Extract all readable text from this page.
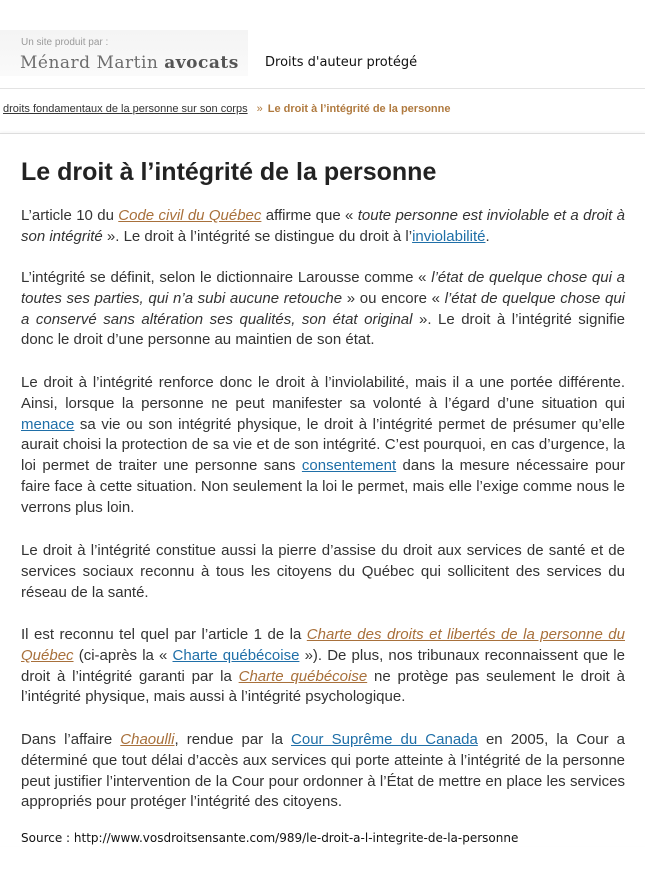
Un site produit par :
Ménard Martin avocats Droits d'auteur protégé
droits fondamentaux de la personne sur son corps » Le droit à l’intégrité de la personne
Le droit à l’intégrité de la personne

L’article 10 du Code civil du Québec affirme que « toute personne est inviolable et a droit à son intégrité ». Le droit à l’intégrité se distingue du droit à l’inviolabilité.

L’intégrité se définit, selon le dictionnaire Larousse comme « l’état de quelque chose qui a toutes ses parties, qui n’a subi aucune retouche » ou encore « l’état de quelque chose qui a conservé sans altération ses qualités, son état original ». Le droit à l’intégrité signifie donc le droit d’une personne au maintien de son état.

Le droit à l’intégrité renforce donc le droit à l’inviolabilité, mais il a une portée différente. Ainsi, lorsque la personne ne peut manifester sa volonté à l’égard d’une situation qui menace sa vie ou son intégrité physique, le droit à l’intégrité permet de présumer qu’elle aurait choisi la protection de sa vie et de son intégrité. C’est pourquoi, en cas d’urgence, la loi permet de traiter une personne sans consentement dans la mesure nécessaire pour faire face à cette situation. Non seulement la loi le permet, mais elle l’exige comme nous le verrons plus loin.

Le droit à l’intégrité constitue aussi la pierre d’assise du droit aux services de santé et de services sociaux reconnu à tous les citoyens du Québec qui sollicitent des services du réseau de la santé.

Il est reconnu tel quel par l’article 1 de la Charte des droits et libertés de la personne du Québec (ci-après la « Charte québécoise »). De plus, nos tribunaux reconnaissent que le droit à l’intégrité garanti par la Charte québécoise ne protège pas seulement le droit à l’intégrité physique, mais aussi à l’intégrité psychologique.

Dans l’affaire Chaoulli, rendue par la Cour Suprême du Canada en 2005, la Cour a déterminé que tout délai d’accès aux services qui porte atteinte à l’intégrité de la personne peut justifier l’intervention de la Cour pour ordonner à l’État de mettre en place les services appropriés pour protéger l’intégrité des citoyens.

Source : http://www.vosdroitsensante.com/989/le-droit-a-l-integrite-de-la-personne
